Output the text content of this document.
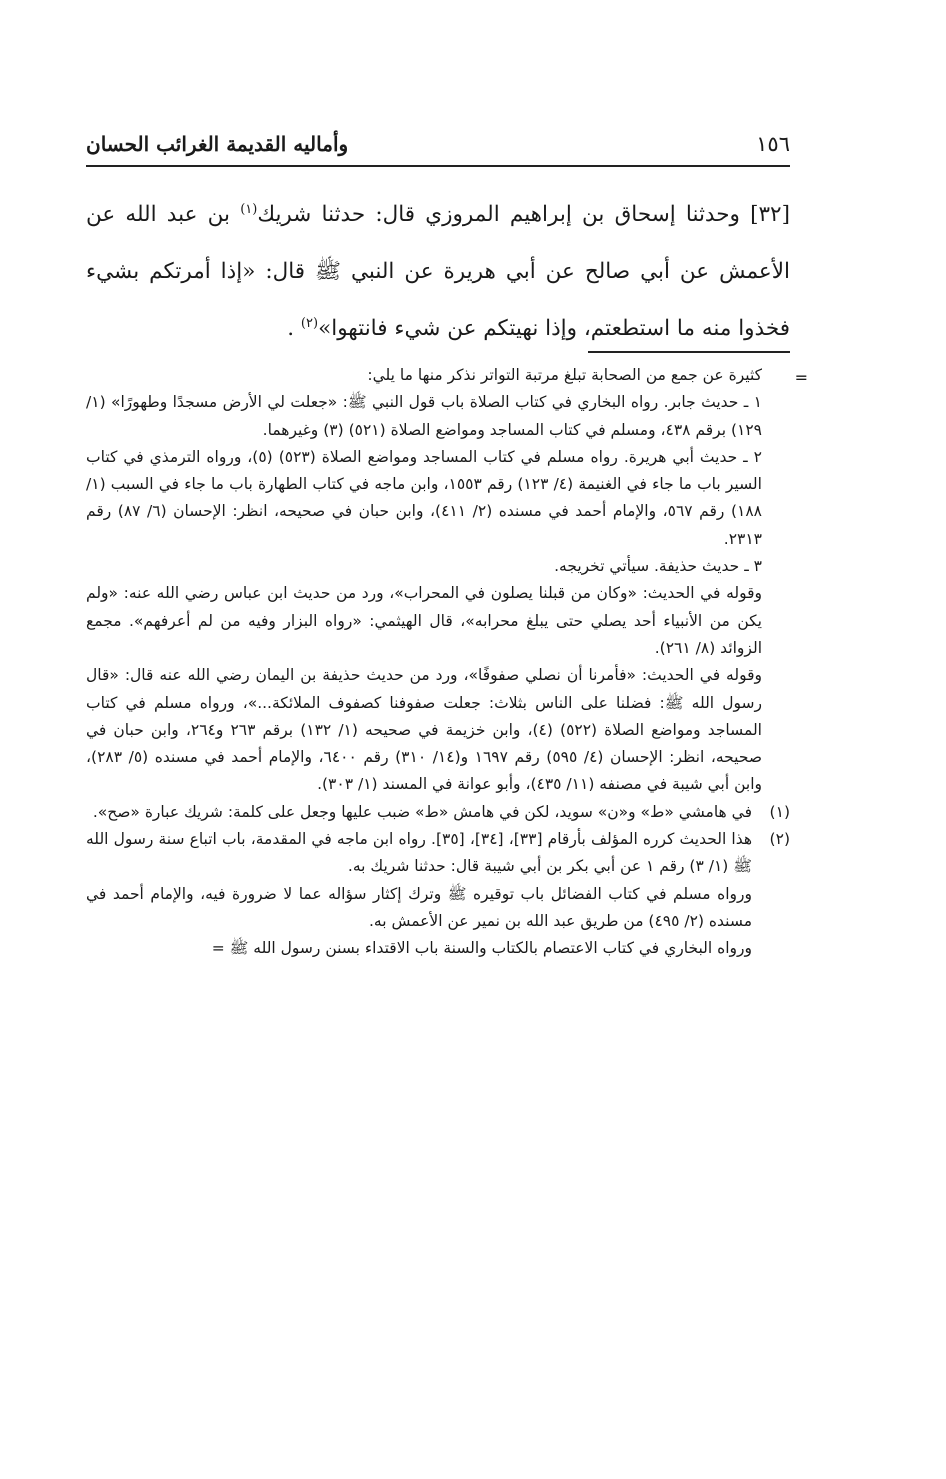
١٥٦
وأماليه القديمة الغرائب الحسان

[٣٢] وحدثنا إسحاق بن إبراهيم المروزي قال: حدثنا شريك$^{(١)}$ بن عبد الله عن الأعمش عن أبي صالح عن أبي هريرة عن النبي ﷺ قال: «إذا أمرتكم بشيء فخذوا منه ما استطعتم، وإذا نهيتكم عن شيء فانتهوا»$^{(٢)}$ .

=

كثيرة عن جمع من الصحابة تبلغ مرتبة التواتر نذكر منها ما يلي:

١ ـ حديث جابر. رواه البخاري في كتاب الصلاة باب قول النبي ﷺ: «جعلت لي الأرض مسجدًا وطهورًا» (١/ ١٢٩) برقم ٤٣٨، ومسلم في كتاب المساجد ومواضع الصلاة (٥٢١) (٣) وغيرهما.

٢ ـ حديث أبي هريرة. رواه مسلم في كتاب المساجد ومواضع الصلاة (٥٢٣) (٥)، ورواه الترمذي في كتاب السير باب ما جاء في الغنيمة (٤/ ١٢٣) رقم ١٥٥٣، وابن ماجه في كتاب الطهارة باب ما جاء في السبب (١/ ١٨٨) رقم ٥٦٧، والإمام أحمد في مسنده (٢/ ٤١١)، وابن حبان في صحيحه، انظر: الإحسان (٦/ ٨٧) رقم ٢٣١٣.

٣ ـ حديث حذيفة. سيأتي تخريجه.

وقوله في الحديث: «وكان من قبلنا يصلون في المحراب»، ورد من حديث ابن عباس رضي الله عنه: «ولم يكن من الأنبياء أحد يصلي حتى يبلغ محرابه»، قال الهيثمي: «رواه البزار وفيه من لم أعرفهم». مجمع الزوائد (٨/ ٢٦١).

وقوله في الحديث: «فأمرنا أن نصلي صفوفًا»، ورد من حديث حذيفة بن اليمان رضي الله عنه قال: «قال رسول الله ﷺ: فضلنا على الناس بثلاث: جعلت صفوفنا كصفوف الملائكة...»، ورواه مسلم في كتاب المساجد ومواضع الصلاة (٥٢٢) (٤)، وابن خزيمة في صحيحه (١/ ١٣٢) برقم ٢٦٣ و٢٦٤، وابن حبان في صحيحه، انظر: الإحسان (٤/ ٥٩٥) رقم ١٦٩٧ و(١٤/ ٣١٠) رقم ٦٤٠٠، والإمام أحمد في مسنده (٥/ ٢٨٣)، وابن أبي شيبة في مصنفه (١١/ ٤٣٥)، وأبو عوانة في المسند (١/ ٣٠٣).

(١)
في هامشي «ط» و«ن» سويد، لكن في هامش «ط» ضبب عليها وجعل على كلمة: شريك عبارة «صح».
(٢)
هذا الحديث كرره المؤلف بأرقام [٣٣]، [٣٤]، [٣٥]. رواه ابن ماجه في المقدمة، باب اتباع سنة رسول الله ﷺ (١/ ٣) رقم ١ عن أبي بكر بن أبي شيبة قال: حدثنا شريك به.
ورواه مسلم في كتاب الفضائل باب توقيره ﷺ وترك إكثار سؤاله عما لا ضرورة فيه، والإمام أحمد في مسنده (٢/ ٤٩٥) من طريق عبد الله بن نمير عن الأعمش به.
ورواه البخاري في كتاب الاعتصام بالكتاب والسنة باب الاقتداء بسنن رسول الله ﷺ =
